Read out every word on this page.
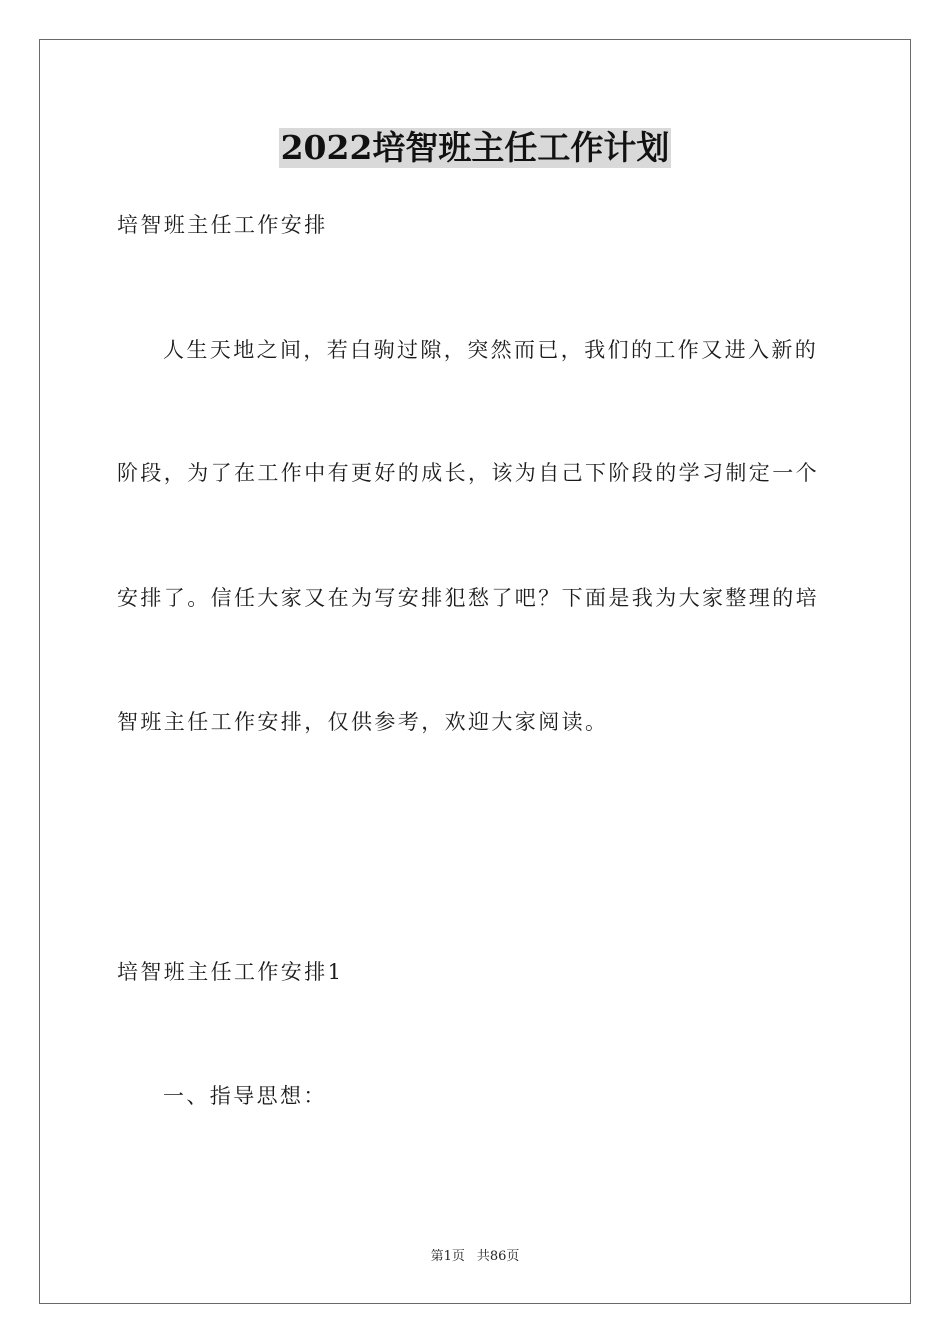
2022培智班主任工作计划
培智班主任工作安排
人生天地之间，若白驹过隙，突然而已，我们的工作又进入新的
阶段，为了在工作中有更好的成长，该为自己下阶段的学习制定一个
安排了。信任大家又在为写安排犯愁了吧？下面是我为大家整理的培
智班主任工作安排，仅供参考，欢迎大家阅读。
培智班主任工作安排1
一、指导思想：
第1页 共86页
